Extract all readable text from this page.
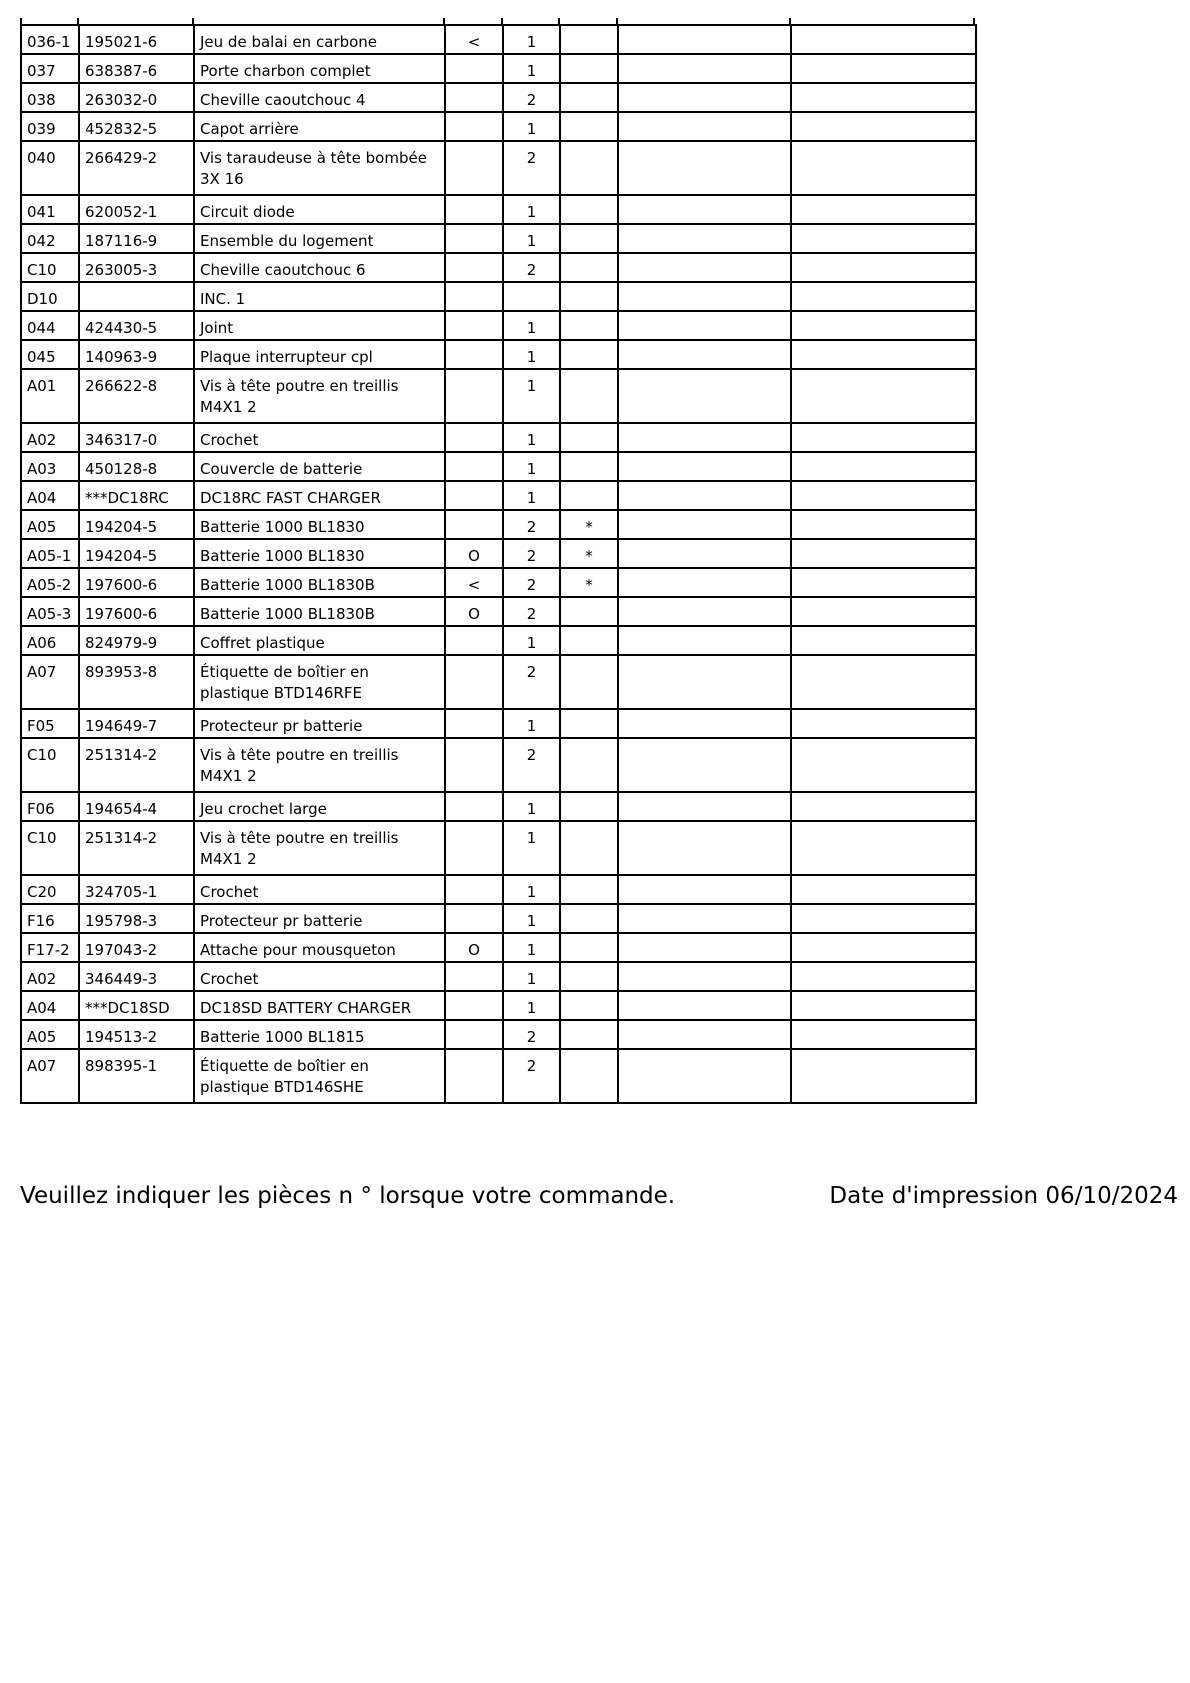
036-1	195021-6	Jeu de balai en carbone	<	1			
037	638387-6	Porte charbon complet		1			
038	263032-0	Cheville caoutchouc 4		2			
039	452832-5	Capot arrière		1			
040	266429-2	Vis taraudeuse à tête bombée 3X 16		2			
041	620052-1	Circuit diode		1			
042	187116-9	Ensemble du logement		1			
C10	263005-3	Cheville caoutchouc 6		2			
D10		INC. 1					
044	424430-5	Joint		1			
045	140963-9	Plaque interrupteur cpl		1			
A01	266622-8	Vis à tête poutre en treillis M4X1 2		1			
A02	346317-0	Crochet		1			
A03	450128-8	Couvercle de batterie		1			
A04	***DC18RC	DC18RC FAST CHARGER		1			
A05	194204-5	Batterie 1000 BL1830		2	*		
A05-1	194204-5	Batterie 1000 BL1830	O	2	*		
A05-2	197600-6	Batterie 1000 BL1830B	<	2	*		
A05-3	197600-6	Batterie 1000 BL1830B	O	2			
A06	824979-9	Coffret plastique		1			
A07	893953-8	Étiquette de boîtier en plastique BTD146RFE		2			
F05	194649-7	Protecteur pr batterie		1			
C10	251314-2	Vis à tête poutre en treillis M4X1 2		2			
F06	194654-4	Jeu crochet large		1			
C10	251314-2	Vis à tête poutre en treillis M4X1 2		1			
C20	324705-1	Crochet		1			
F16	195798-3	Protecteur pr batterie		1			
F17-2	197043-2	Attache pour mousqueton	O	1			
A02	346449-3	Crochet		1			
A04	***DC18SD	DC18SD BATTERY CHARGER		1			
A05	194513-2	Batterie 1000 BL1815		2			
A07	898395-1	Étiquette de boîtier en plastique BTD146SHE		2			
Veuillez indiquer les pièces n ° lorsque votre commande.	Date d'impression 06/10/2024
